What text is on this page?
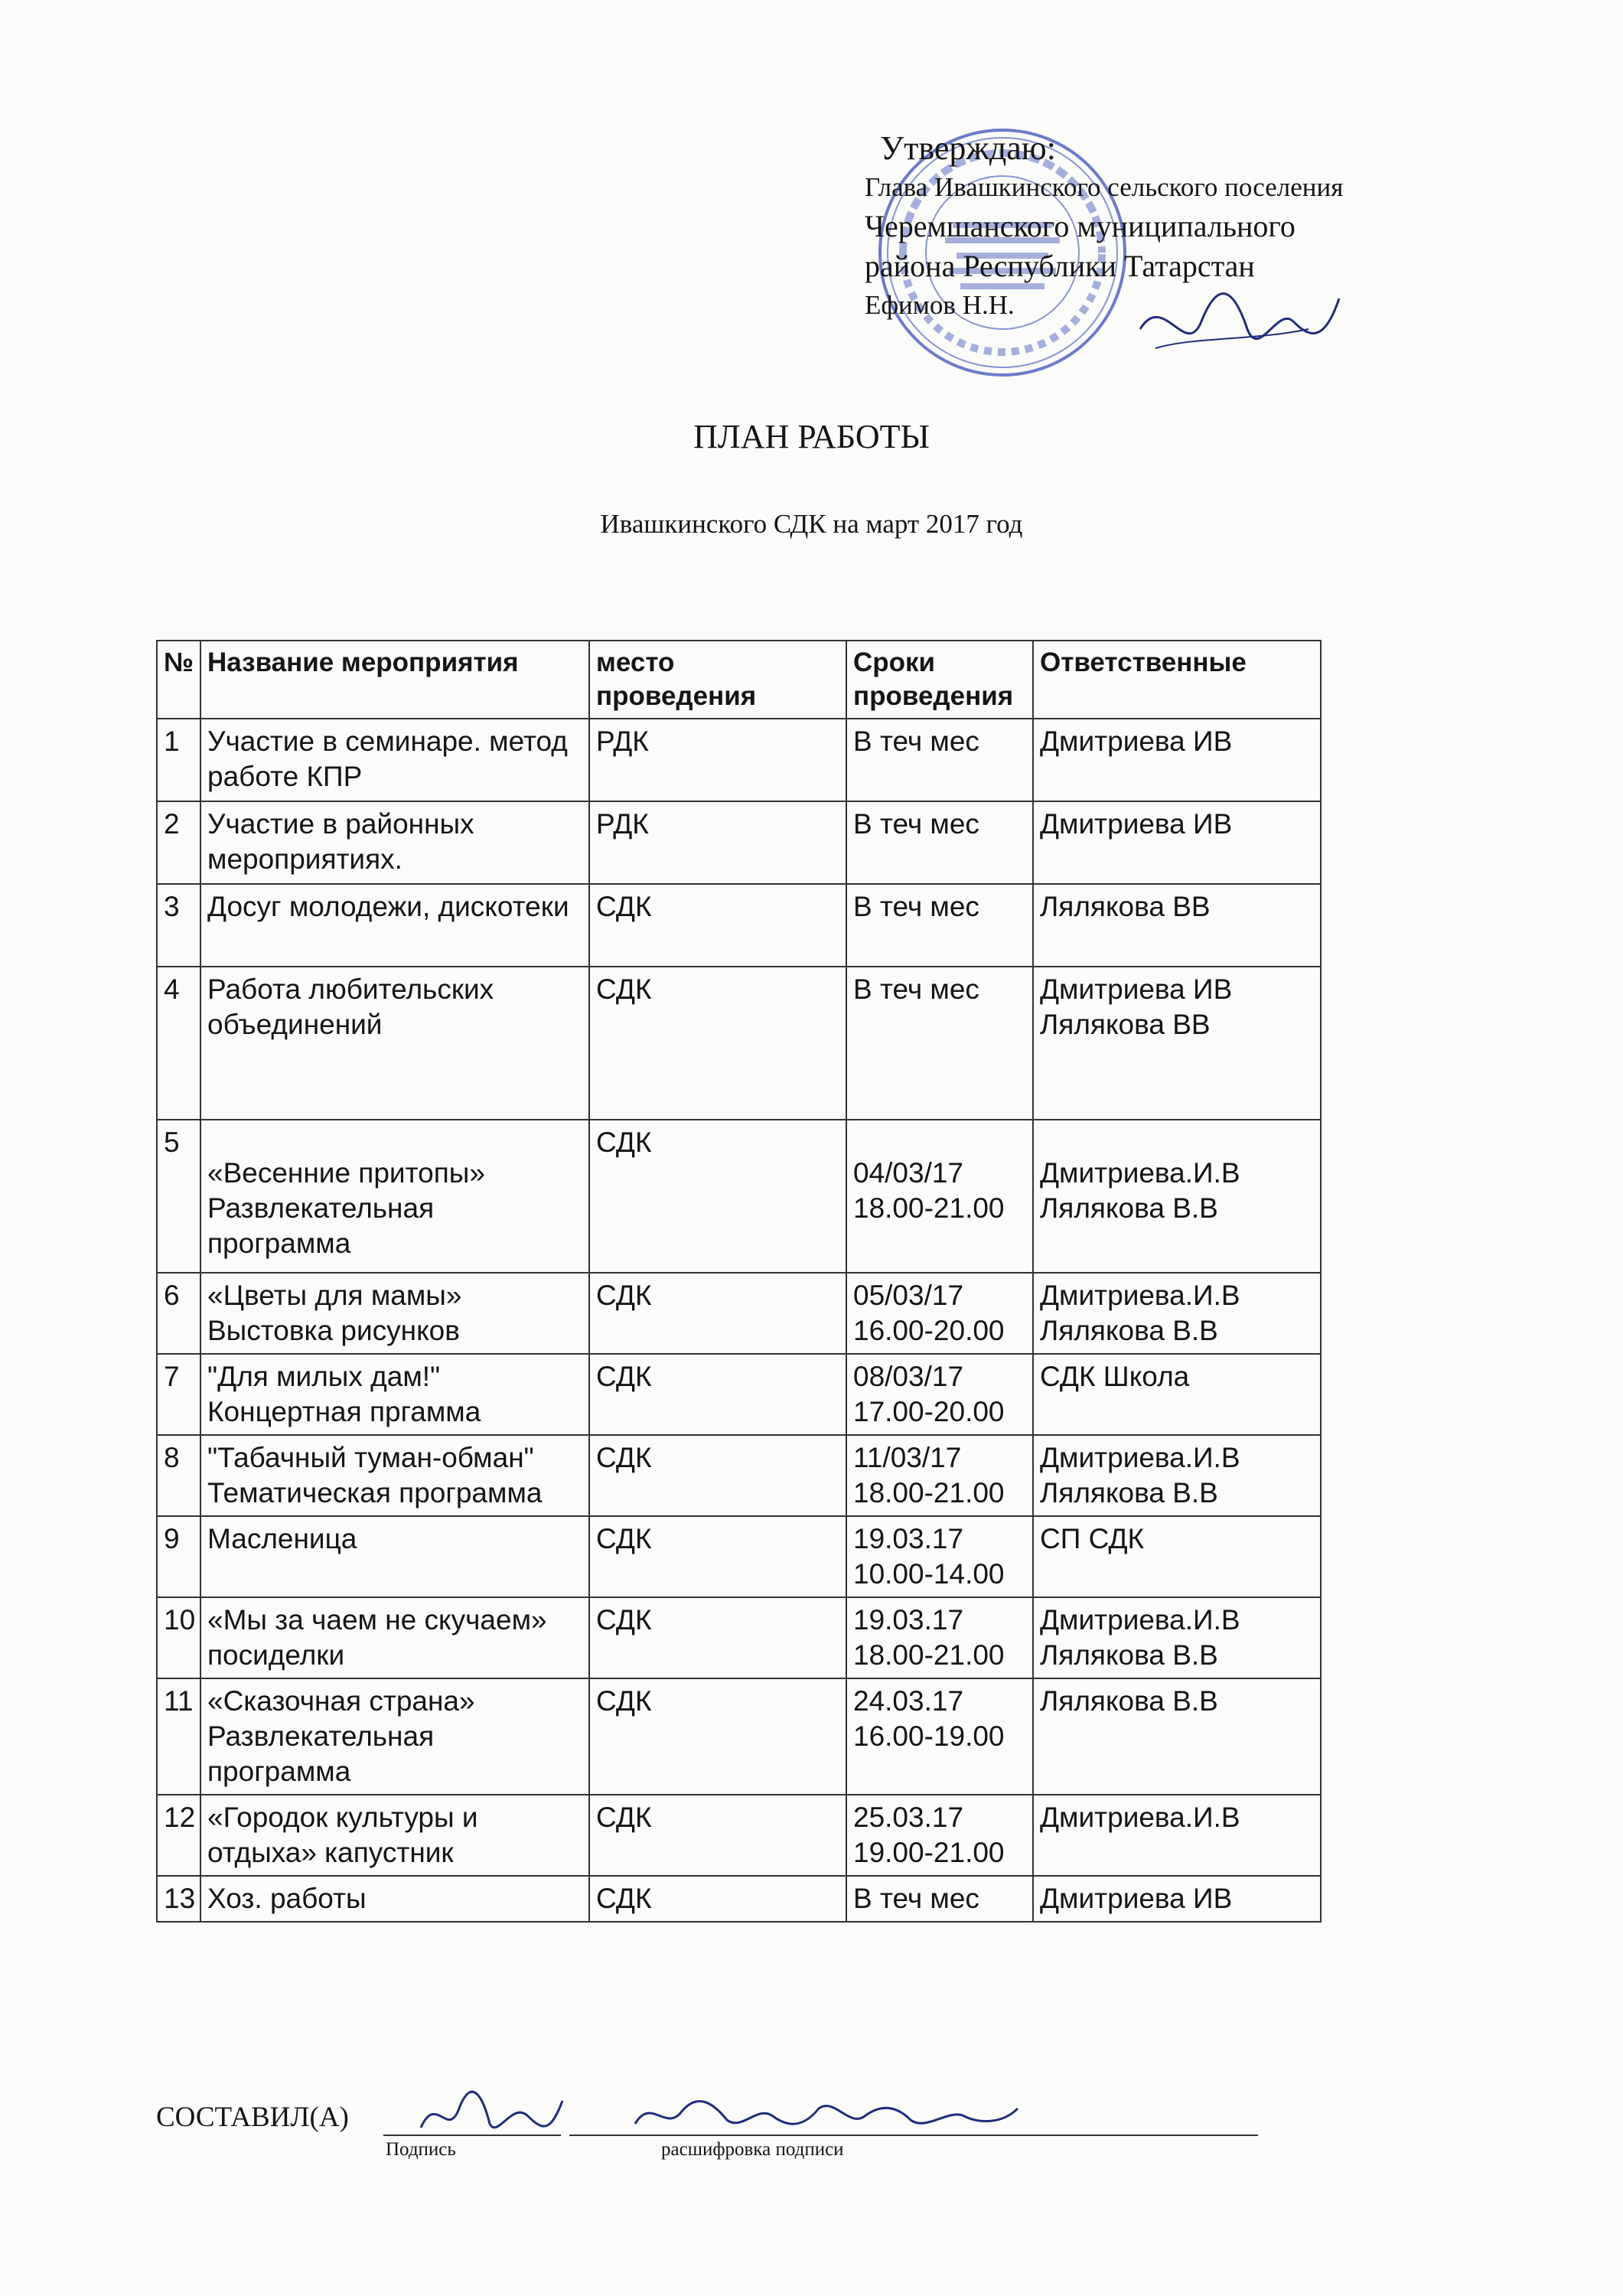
Утверждаю:
Глава Ивашкинского сельского поселения
Черемшанского муниципального
района Республики Татарстан
Ефимов Н.Н.
ПЛАН РАБОТЫ
Ивашкинского СДК на март 2017 год
№	Название мероприятия	место проведения	Сроки проведения	Ответственные
1	Участие в семинаре. метод работе КПР	РДК	В теч мес	Дмитриева ИВ
2	Участие в районных мероприятиях.	РДК	В теч мес	Дмитриева ИВ
3	Досуг молодежи, дискотеки	СДК	В теч мес	Лялякова ВВ
4	Работа любительских объединений	СДК	В теч мес	Дмитриева ИВ Лялякова ВВ
5	«Весенние притопы» Развлекательная программа	СДК	04/03/17 18.00-21.00	Дмитриева.И.В Лялякова В.В
6	«Цветы для мамы» Выстовка рисунков	СДК	05/03/17 16.00-20.00	Дмитриева.И.В Лялякова В.В
7	"Для милых дам!" Концертная пргамма	СДК	08/03/17 17.00-20.00	СДК Школа
8	"Табачный туман-обман" Тематическая программа	СДК	11/03/17 18.00-21.00	Дмитриева.И.В Лялякова В.В
9	Масленица	СДК	19.03.17 10.00-14.00	СП СДК
10	«Мы за чаем не скучаем» посиделки	СДК	19.03.17 18.00-21.00	Дмитриева.И.В Лялякова В.В
11	«Сказочная страна» Развлекательная программа	СДК	24.03.17 16.00-19.00	Лялякова В.В
12	«Городок культуры и отдыха» капустник	СДК	25.03.17 19.00-21.00	Дмитриева.И.В
13	Хоз. работы	СДК	В теч мес	Дмитриева ИВ
СОСТАВИЛ(А)
Подпись	расшифровка подписи
